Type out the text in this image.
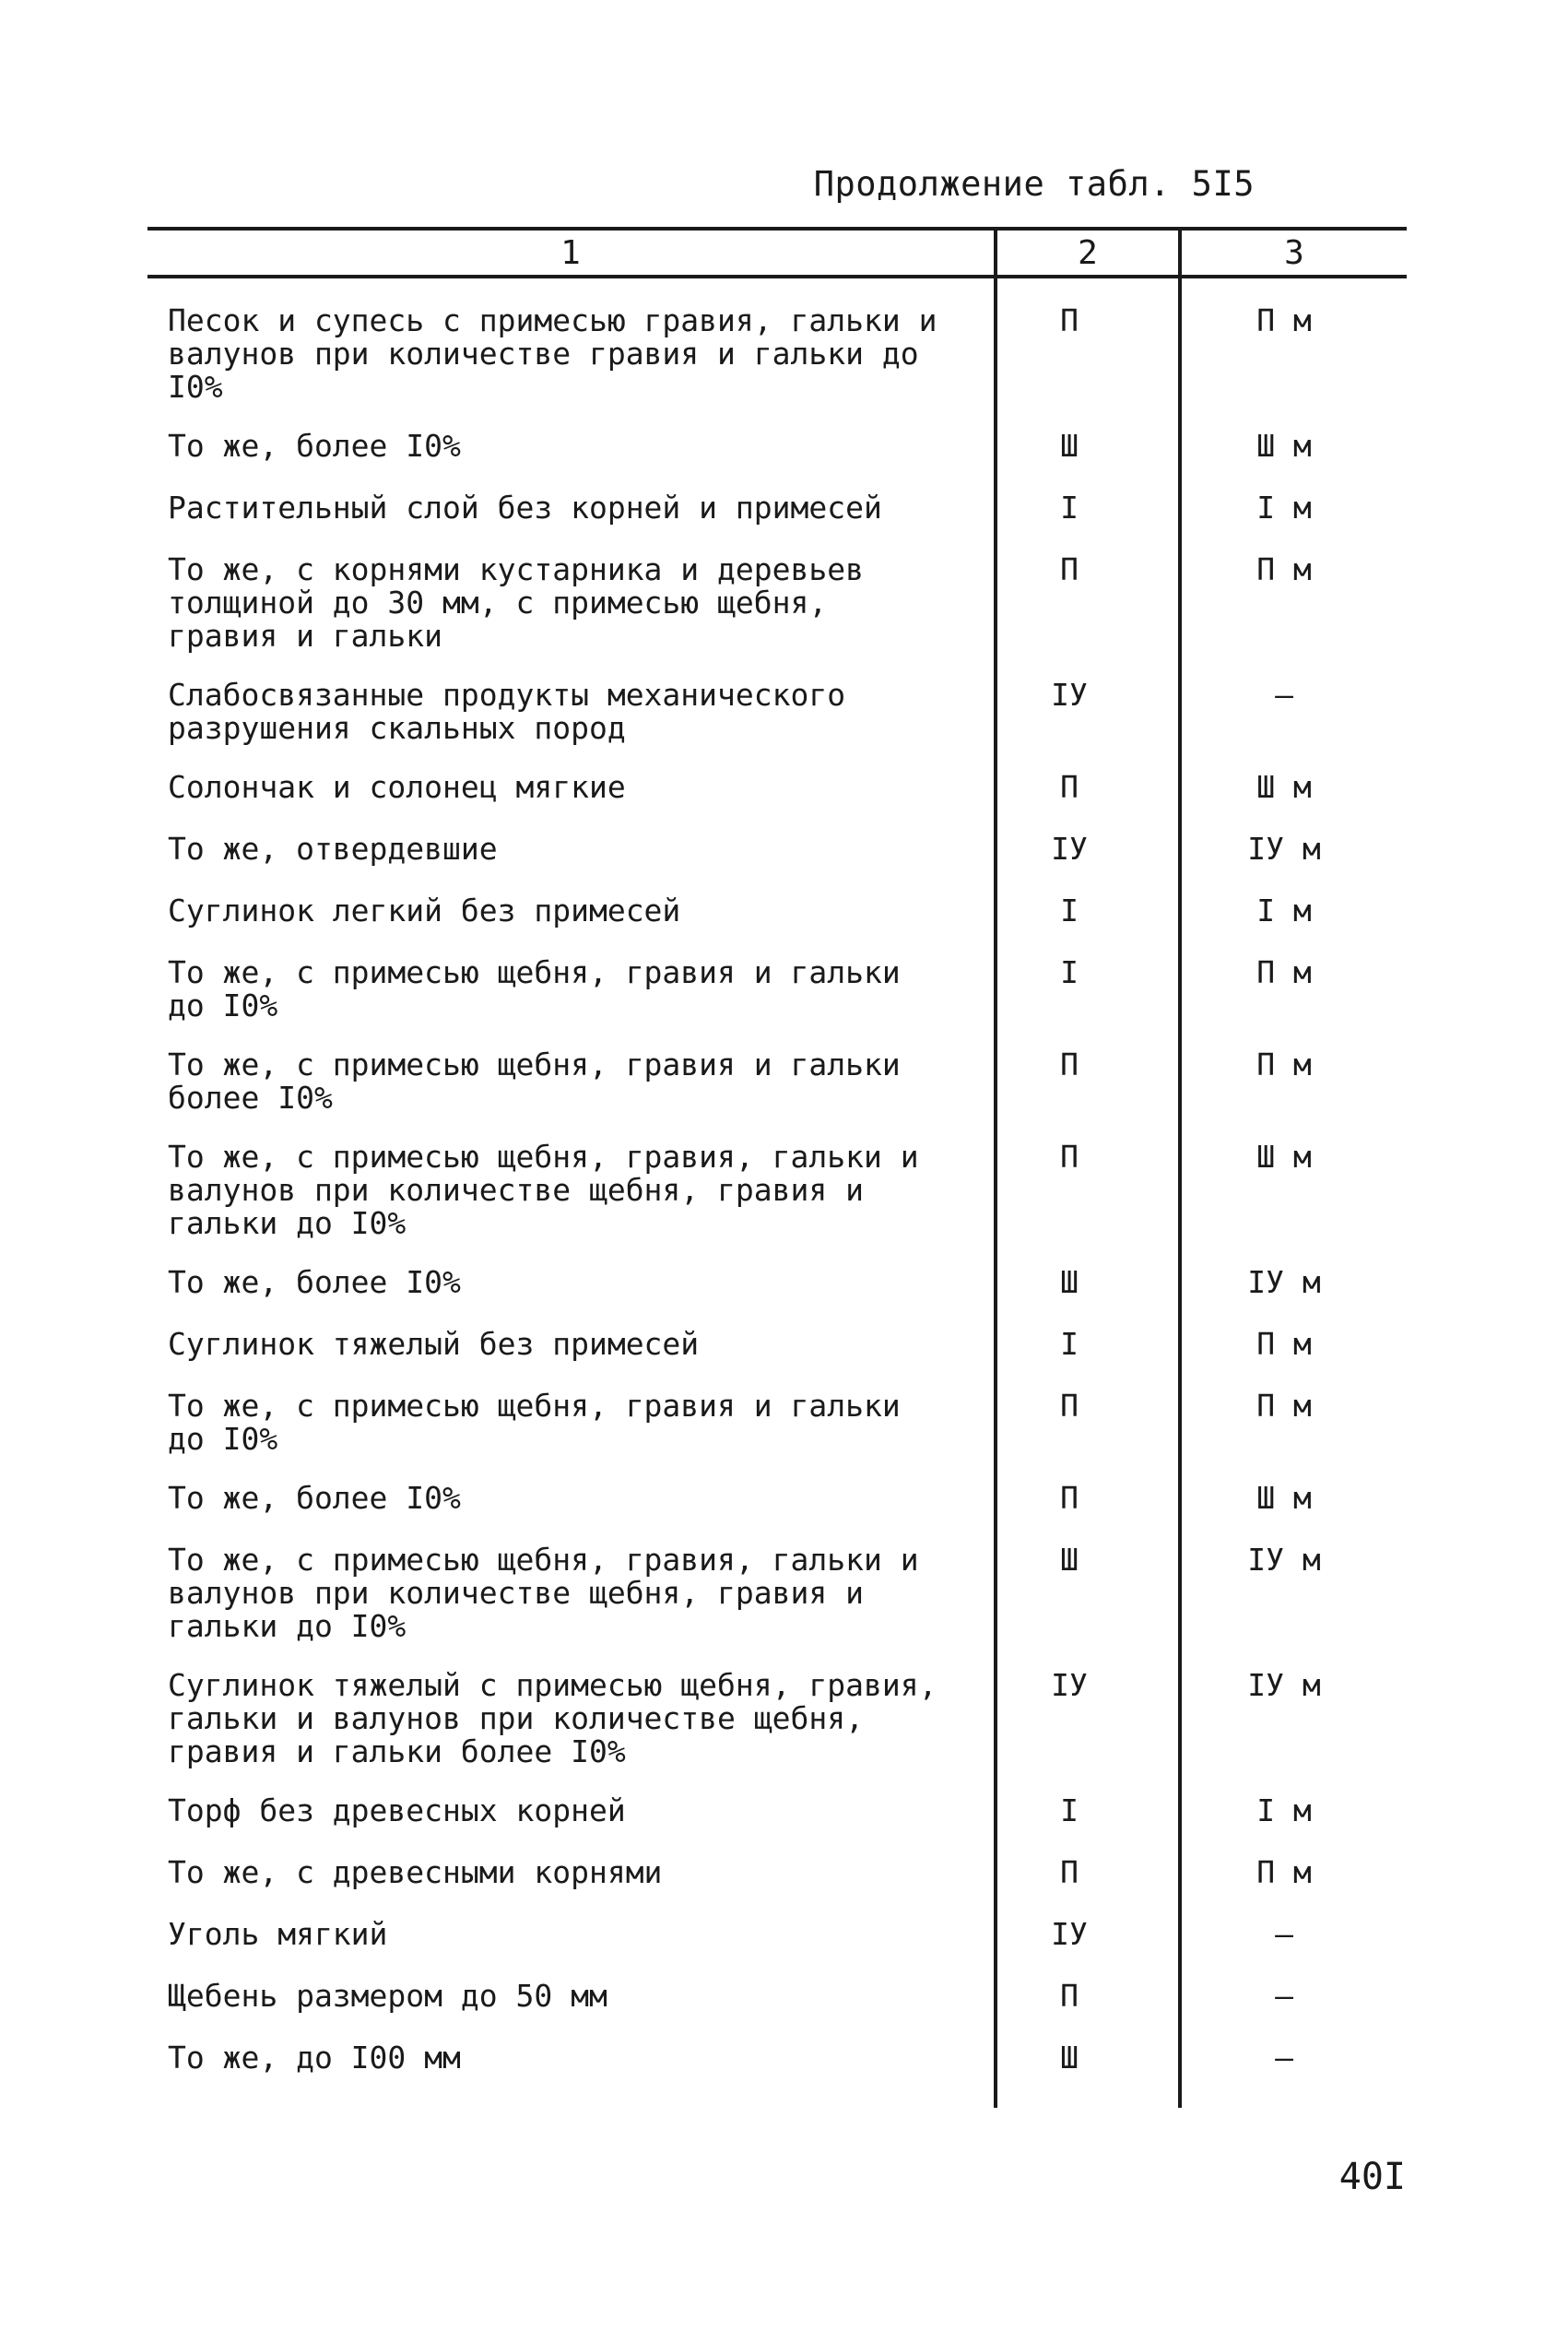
Продолжение табл. 5I5
1	2	3
Песок и супесь с примесью гравия, гальки и
валунов при количестве гравия и гальки до
I0%
П	П м
То же, более I0%	Ш	Ш м
Растительный слой без корней и примесей	I	I м
То же, с корнями кустарника и деревьев
толщиной до 30 мм, с примесью щебня,
гравия и гальки
П	П м
Слабосвязанные продукты механического
разрушения скальных пород
IУ	–
Солончак и солонец мягкие	П	Ш м
То же, отвердевшие	IУ	IУ м
Суглинок легкий без примесей	I	I м
То же, с примесью щебня, гравия и гальки
до I0%
I	П м
То же, с примесью щебня, гравия и гальки
более I0%
П	П м
То же, с примесью щебня, гравия, гальки и
валунов при количестве щебня, гравия и
гальки до I0%
П	Ш м
То же, более I0%	Ш	IУ м
Суглинок тяжелый без примесей	I	П м
То же, с примесью щебня, гравия и гальки
до I0%
П	П м
То же, более I0%	П	Ш м
То же, с примесью щебня, гравия, гальки и
валунов при количестве щебня, гравия и
гальки до I0%
Ш	IУ м
Суглинок тяжелый с примесью щебня, гравия,
гальки и валунов при количестве щебня,
гравия и гальки более I0%
IУ	IУ м
Торф без древесных корней	I	I м
То же, с древесными корнями	П	П м
Уголь мягкий	IУ	–
Щебень размером до 50 мм	П	–
То же, до I00 мм	Ш	–
40I
